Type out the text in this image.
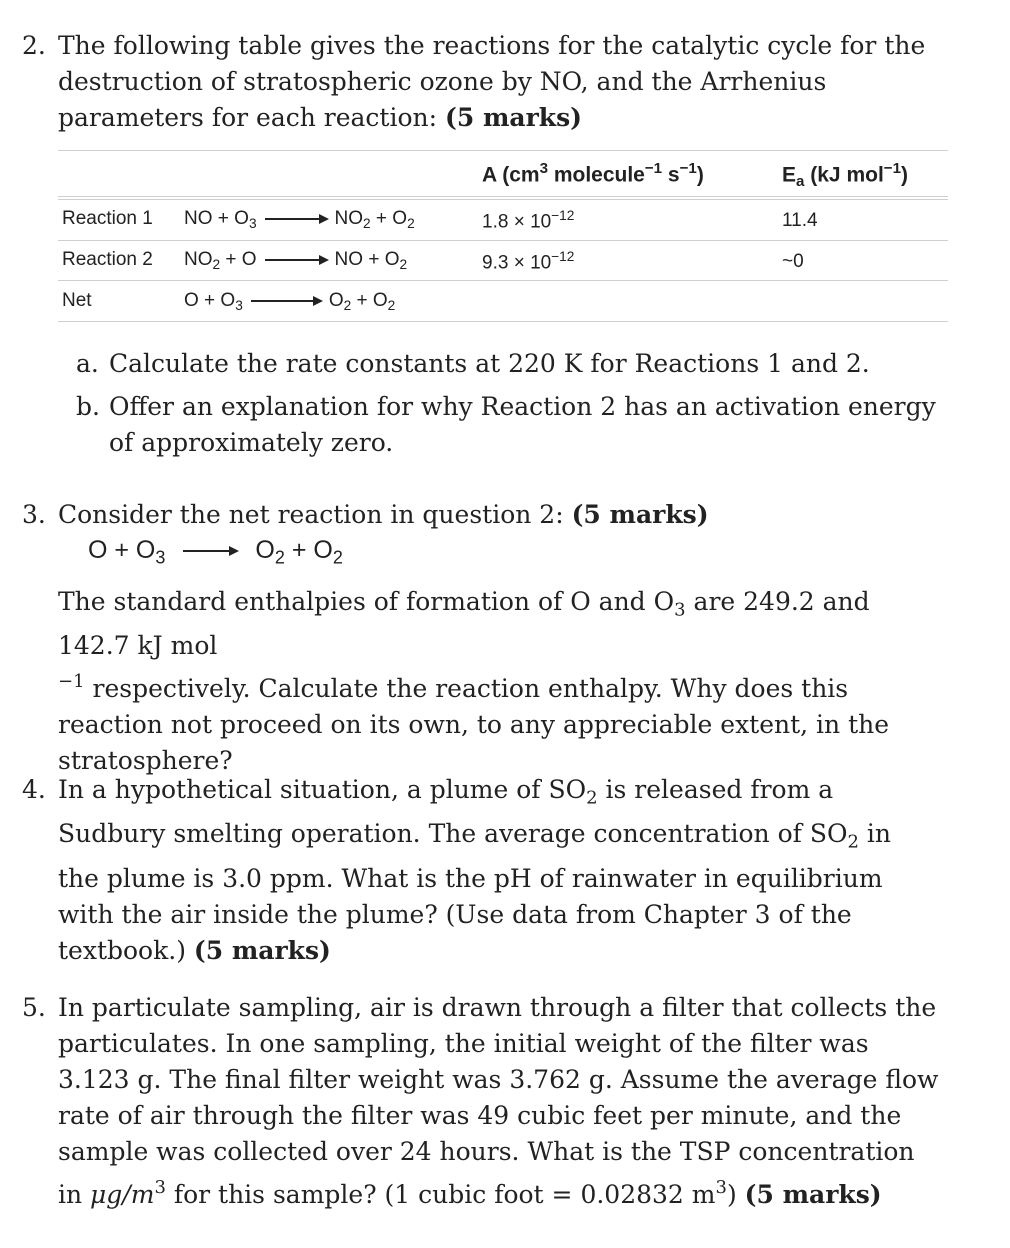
2. The following table gives the reactions for the catalytic cycle for the destruction of stratospheric ozone by NO, and the Arrhenius parameters for each reaction: (5 marks)
A ($cm^3$ molecule$^{-1}$ $s^{-1}$)	$E_a$ (kJ mol$^{-1}$)
Reaction 1 NO + $O_3 \to NO_2 + O_2$	$1.8 \times 10^{-12}$	11.4
Reaction 2 $NO_2 + O$ → NO + $O_2$	$9.3 \times 10^{-12}$	~0
Net	$O + O_3 \to O_2 + O_2$
a. Calculate the rate constants at 220 K for Reactions 1 and 2.
b. Offer an explanation for why Reaction 2 has an activation energy of approximately zero.
3. Consider the net reaction in question 2: (5 marks)
$O + O_3 \to O_2 + O_2$
The standard enthalpies of formation of O and $O_3$ are 249.2 and 142.7 kJ mol
$^{-1}$ respectively. Calculate the reaction enthalpy. Why does this reaction not proceed on its own, to any appreciable extent, in the stratosphere?
4. In a hypothetical situation, a plume of $SO_2$ is released from a Sudbury smelting operation. The average concentration of $SO_2$ in the plume is 3.0 ppm. What is the pH of rainwater in equilibrium with the air inside the plume? (Use data from Chapter 3 of the textbook.) (5 marks)
5. In particulate sampling, air is drawn through a filter that collects the particulates. In one sampling, the initial weight of the filter was 3.123 g. The final filter weight was 3.762 g. Assume the average flow rate of air through the filter was 49 cubic feet per minute, and the sample was collected over 24 hours. What is the TSP concentration in $\mu g/m^3$ for this sample? (1 cubic foot = 0.02832 $m^3$) (5 marks)
